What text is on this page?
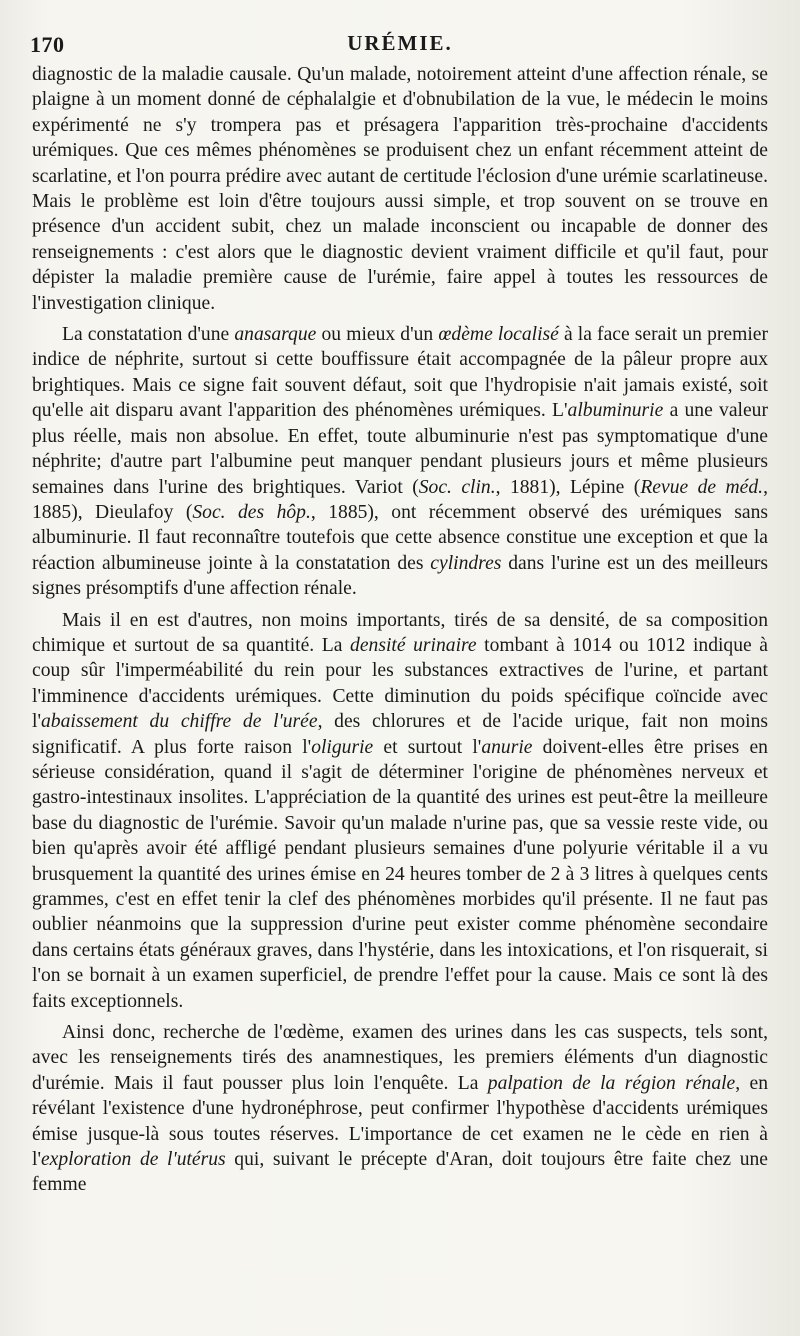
170	URÉMIE.

diagnostic de la maladie causale. Qu'un malade, notoirement atteint d'une affection rénale, se plaigne à un moment donné de céphalalgie et d'obnubilation de la vue, le médecin le moins expérimenté ne s'y trompera pas et présagera l'apparition très-prochaine d'accidents urémiques. Que ces mêmes phénomènes se produisent chez un enfant récemment atteint de scarlatine, et l'on pourra prédire avec autant de certitude l'éclosion d'une urémie scarlatineuse. Mais le problème est loin d'être toujours aussi simple, et trop souvent on se trouve en présence d'un accident subit, chez un malade inconscient ou incapable de donner des renseignements : c'est alors que le diagnostic devient vraiment difficile et qu'il faut, pour dépister la maladie première cause de l'urémie, faire appel à toutes les ressources de l'investigation clinique.

La constatation d'une anasarque ou mieux d'un œdème localisé à la face serait un premier indice de néphrite, surtout si cette bouffissure était accompagnée de la pâleur propre aux brightiques. Mais ce signe fait souvent défaut, soit que l'hydropisie n'ait jamais existé, soit qu'elle ait disparu avant l'apparition des phénomènes urémiques. L'albuminurie a une valeur plus réelle, mais non absolue. En effet, toute albuminurie n'est pas symptomatique d'une néphrite; d'autre part l'albumine peut manquer pendant plusieurs jours et même plusieurs semaines dans l'urine des brightiques. Variot (Soc. clin., 1881), Lépine (Revue de méd., 1885), Dieulafoy (Soc. des hôp., 1885), ont récemment observé des urémiques sans albuminurie. Il faut reconnaître toutefois que cette absence constitue une exception et que la réaction albumineuse jointe à la constatation des cylindres dans l'urine est un des meilleurs signes présomptifs d'une affection rénale.

Mais il en est d'autres, non moins importants, tirés de sa densité, de sa composition chimique et surtout de sa quantité. La densité urinaire tombant à 1014 ou 1012 indique à coup sûr l'imperméabilité du rein pour les substances extractives de l'urine, et partant l'imminence d'accidents urémiques. Cette diminution du poids spécifique coïncide avec l'abaissement du chiffre de l'urée, des chlorures et de l'acide urique, fait non moins significatif. A plus forte raison l'oligurie et surtout l'anurie doivent-elles être prises en sérieuse considération, quand il s'agit de déterminer l'origine de phénomènes nerveux et gastro-intestinaux insolites. L'appréciation de la quantité des urines est peut-être la meilleure base du diagnostic de l'urémie. Savoir qu'un malade n'urine pas, que sa vessie reste vide, ou bien qu'après avoir été affligé pendant plusieurs semaines d'une polyurie véritable il a vu brusquement la quantité des urines émise en 24 heures tomber de 2 à 3 litres à quelques cents grammes, c'est en effet tenir la clef des phénomènes morbides qu'il présente. Il ne faut pas oublier néanmoins que la suppression d'urine peut exister comme phénomène secondaire dans certains états généraux graves, dans l'hystérie, dans les intoxications, et l'on risquerait, si l'on se bornait à un examen superficiel, de prendre l'effet pour la cause. Mais ce sont là des faits exceptionnels.

Ainsi donc, recherche de l'œdème, examen des urines dans les cas suspects, tels sont, avec les renseignements tirés des anamnestiques, les premiers éléments d'un diagnostic d'urémie. Mais il faut pousser plus loin l'enquête. La palpation de la région rénale, en révélant l'existence d'une hydronéphrose, peut confirmer l'hypothèse d'accidents urémiques émise jusque-là sous toutes réserves. L'importance de cet examen ne le cède en rien à l'exploration de l'utérus qui, suivant le précepte d'Aran, doit toujours être faite chez une femme
